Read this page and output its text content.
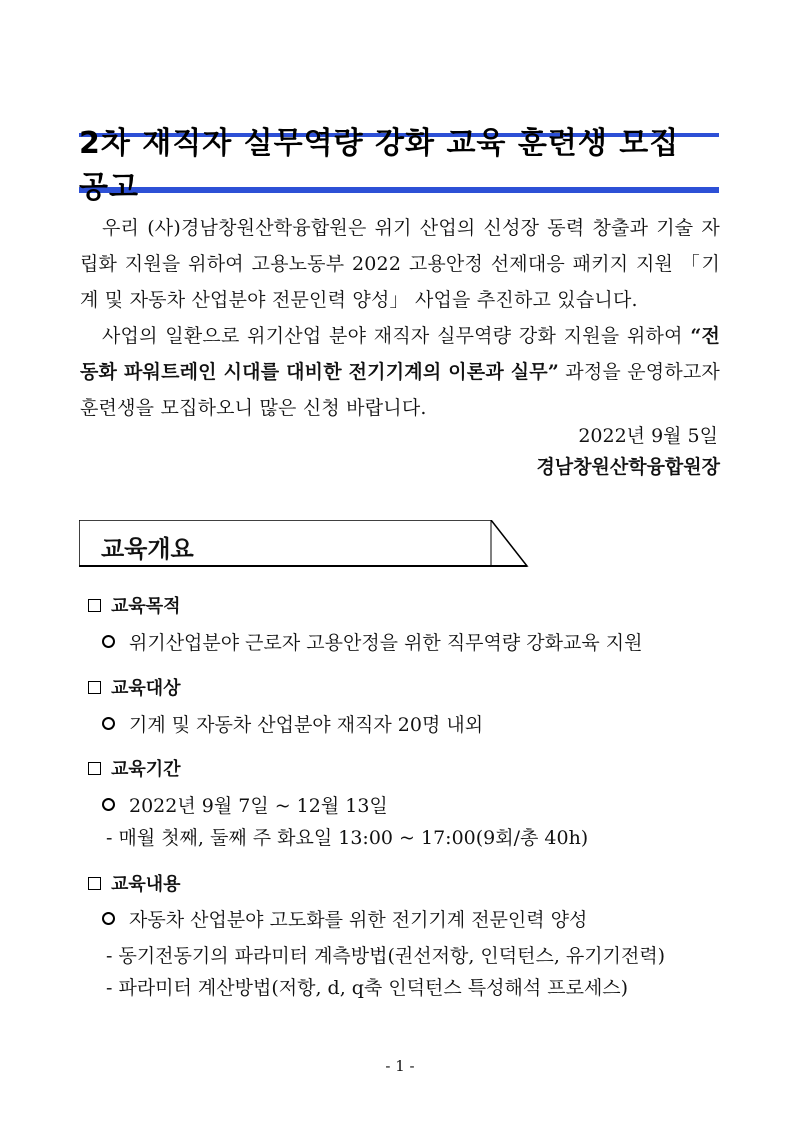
2차 재직자 실무역량 강화 교육 훈련생 모집 공고
우리 (사)경남창원산학융합원은 위기 산업의 신성장 동력 창출과 기술 자립화 지원을 위하여 고용노동부 2022 고용안정 선제대응 패키지 지원 「기계 및 자동차 산업분야 전문인력 양성」 사업을 추진하고 있습니다.
사업의 일환으로 위기산업 분야 재직자 실무역량 강화 지원을 위하여 “전동화 파워트레인 시대를 대비한 전기기계의 이론과 실무” 과정을 운영하고자 훈련생을 모집하오니 많은 신청 바랍니다.
2022년 9월 5일
경남창원산학융합원장
교육개요
교육목적
위기산업분야 근로자 고용안정을 위한 직무역량 강화교육 지원
교육대상
기계 및 자동차 산업분야 재직자 20명 내외
교육기간
2022년 9월 7일 ~ 12월 13일
- 매월 첫째, 둘째 주 화요일 13:00 ~ 17:00(9회/총 40h)
교육내용
자동차 산업분야 고도화를 위한 전기기계 전문인력 양성
- 동기전동기의 파라미터 계측방법(권선저항, 인덕턴스, 유기기전력)
- 파라미터 계산방법(저항, d, q축 인덕턴스 특성해석 프로세스)
- 1 -
